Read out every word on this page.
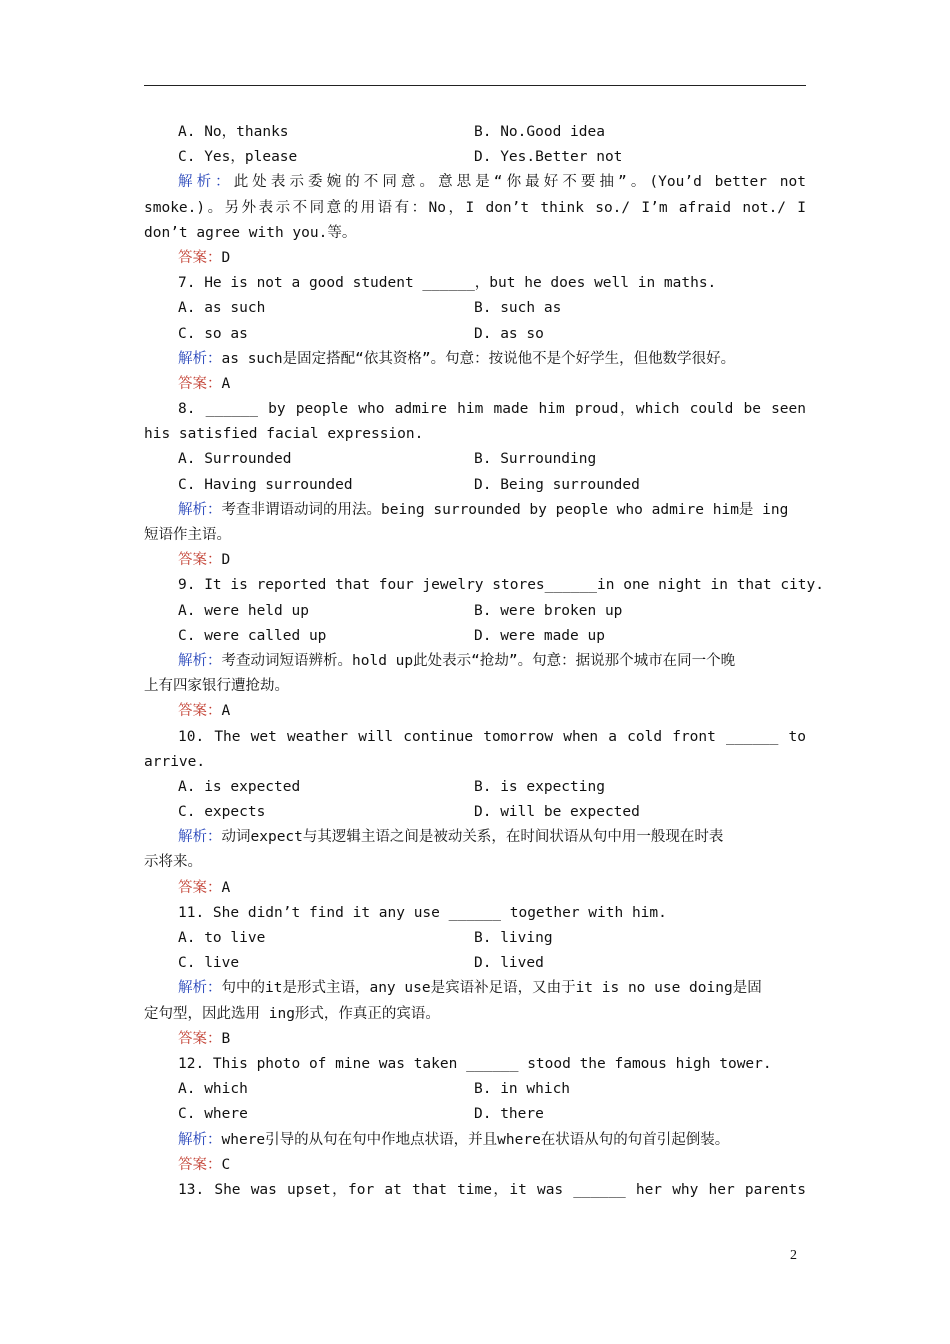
A. No，thanks	B. No.Good idea
C. Yes，please	D. Yes.Better not
解析：此处表示委婉的不同意。意思是“你最好不要抽”。(You’d better not
smoke.)。另外表示不同意的用语有：No，I don’t think so./ I’m afraid not./ I
don’t agree with you.等。
答案：D
7. He is not a good student ______，but he does well in maths.
A. as such	B. such as
C. so as	D. as so
解析：as such是固定搭配“依其资格”。句意：按说他不是个好学生，但他数学很好。
答案：A
8. ______ by people who admire him made him proud，which could be seen
his satisfied facial expression.
A. Surrounded	B. Surrounding
C. Having surrounded	D. Being surrounded
解析：考查非谓语动词的用法。being surrounded by people who admire him是 ing
短语作主语。
答案：D
9. It is reported that four jewelry stores______in one night in that city.
A. were held up	B. were broken up
C. were called up	D. were made up
解析：考查动词短语辨析。hold up此处表示“抢劫”。句意：据说那个城市在同一个晚
上有四家银行遭抢劫。
答案：A
10. The wet weather will continue tomorrow when a cold front ______ to
arrive.
A. is expected	B. is expecting
C. expects	D. will be expected
解析：动词expect与其逻辑主语之间是被动关系，在时间状语从句中用一般现在时表
示将来。
答案：A
11. She didn’t find it any use ______ together with him.
A. to live	B. living
C. live	D. lived
解析：句中的it是形式主语，any use是宾语补足语，又由于it is no use doing是固
定句型，因此选用 ing形式，作真正的宾语。
答案：B
12. This photo of mine was taken ______ stood the famous high tower.
A. which	B. in which
C. where	D. there
解析：where引导的从句在句中作地点状语，并且where在状语从句的句首引起倒装。
答案：C
13. She was upset，for at that time，it was ______ her why her parents
2
